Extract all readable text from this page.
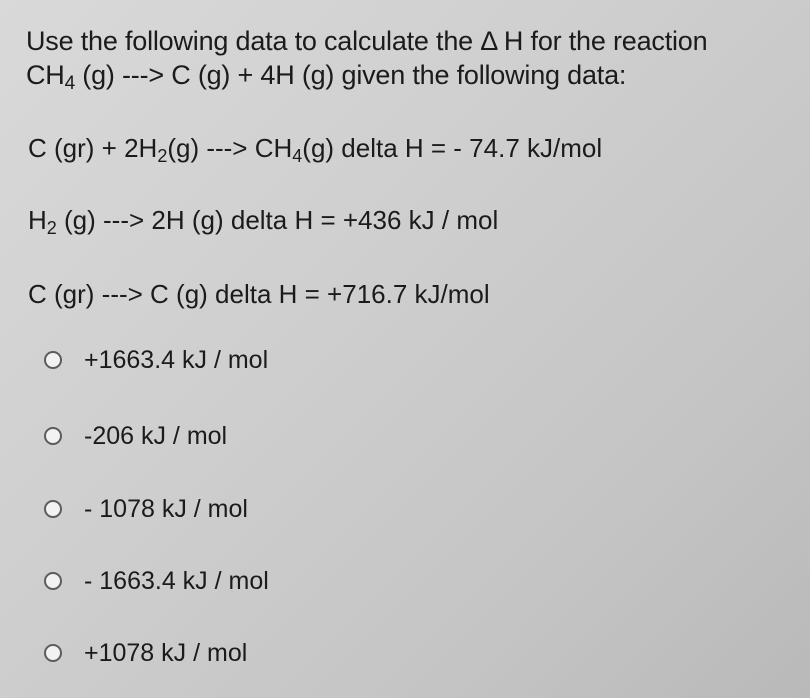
Use the following data to calculate the Δ H for the reaction
$CH_4$ (g) ---> C (g) + 4H (g) given the following data:
C $(gr) + 2H_2(g)$ ---> $CH_4(g)$ delta H = - 74.7 kJ/mol
$H_2$ (g) ---> 2H (g) delta H = +436 kJ / mol
C (gr) ---> C (g) delta H = +716.7 kJ/mol
+1663.4 kJ / mol
-206 kJ / mol
- 1078 kJ / mol
- 1663.4 kJ / mol
+1078 kJ / mol
